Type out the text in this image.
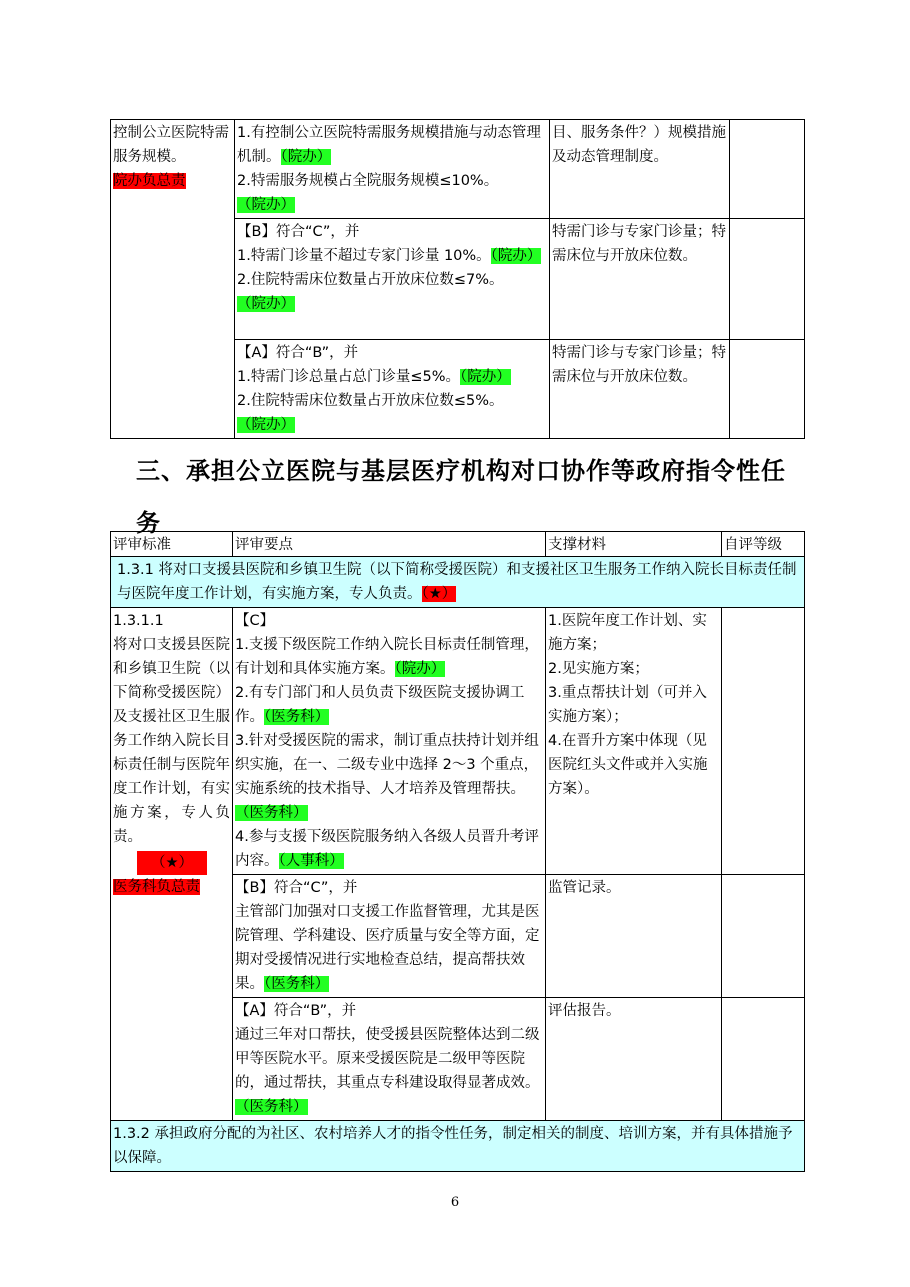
控制公立医院特需服务规模。
院办负总责	1.有控制公立医院特需服务规模措施与动态管理机制。（院办）
2.特需服务规模占全院服务规模≤10%。（院办）	目、服务条件？）规模措施及动态管理制度。	
	【B】符合“C”，并
1.特需门诊量不超过专家门诊量 10%。（院办）
2.住院特需床位数量占开放床位数≤7%。（院办）	特需门诊与专家门诊量；特需床位与开放床位数。	
	【A】符合“B”，并
1.特需门诊总量占总门诊量≤5%。（院办）
2.住院特需床位数量占开放床位数≤5%。（院办）	特需门诊与专家门诊量；特需床位与开放床位数。	
三、承担公立医院与基层医疗机构对口协作等政府指令性任务
评审标准	评审要点	支撑材料	自评等级
1.3.1 将对口支援县医院和乡镇卫生院（以下简称受援医院）和支援社区卫生服务工作纳入院长目标责任制与医院年度工作计划，有实施方案，专人负责。（★）			
1.3.1.1
将对口支援县医院和乡镇卫生院（以下简称受援医院）及支援社区卫生服务工作纳入院长目标责任制与医院年度工作计划，有实施方案，专人负责。
（★）
医务科负总责	【C】
1.支援下级医院工作纳入院长目标责任制管理，有计划和具体实施方案。（院办）
2.有专门部门和人员负责下级医院支援协调工作。（医务科）
3.针对受援医院的需求，制订重点扶持计划并组织实施，在一、二级专业中选择 2～3 个重点，实施系统的技术指导、人才培养及管理帮扶。（医务科）
4.参与支援下级医院服务纳入各级人员晋升考评内容。（人事科）	1.医院年度工作计划、实施方案；
2.见实施方案；
3.重点帮扶计划（可并入实施方案）；
4.在晋升方案中体现（见医院红头文件或并入实施方案）。	

	【B】符合“C”，并
主管部门加强对口支援工作监督管理，尤其是医院管理、学科建设、医疗质量与安全等方面，定期对受援情况进行实地检查总结，提高帮扶效果。（医务科）	监管记录。	
	【A】符合“B”，并
通过三年对口帮扶，使受援县医院整体达到二级甲等医院水平。原来受援医院是二级甲等医院的，通过帮扶，其重点专科建设取得显著成效。（医务科）	评估报告。	
1.3.2 承担政府分配的为社区、农村培养人才的指令性任务，制定相关的制度、培训方案，并有具体措施予以保障。			
6
